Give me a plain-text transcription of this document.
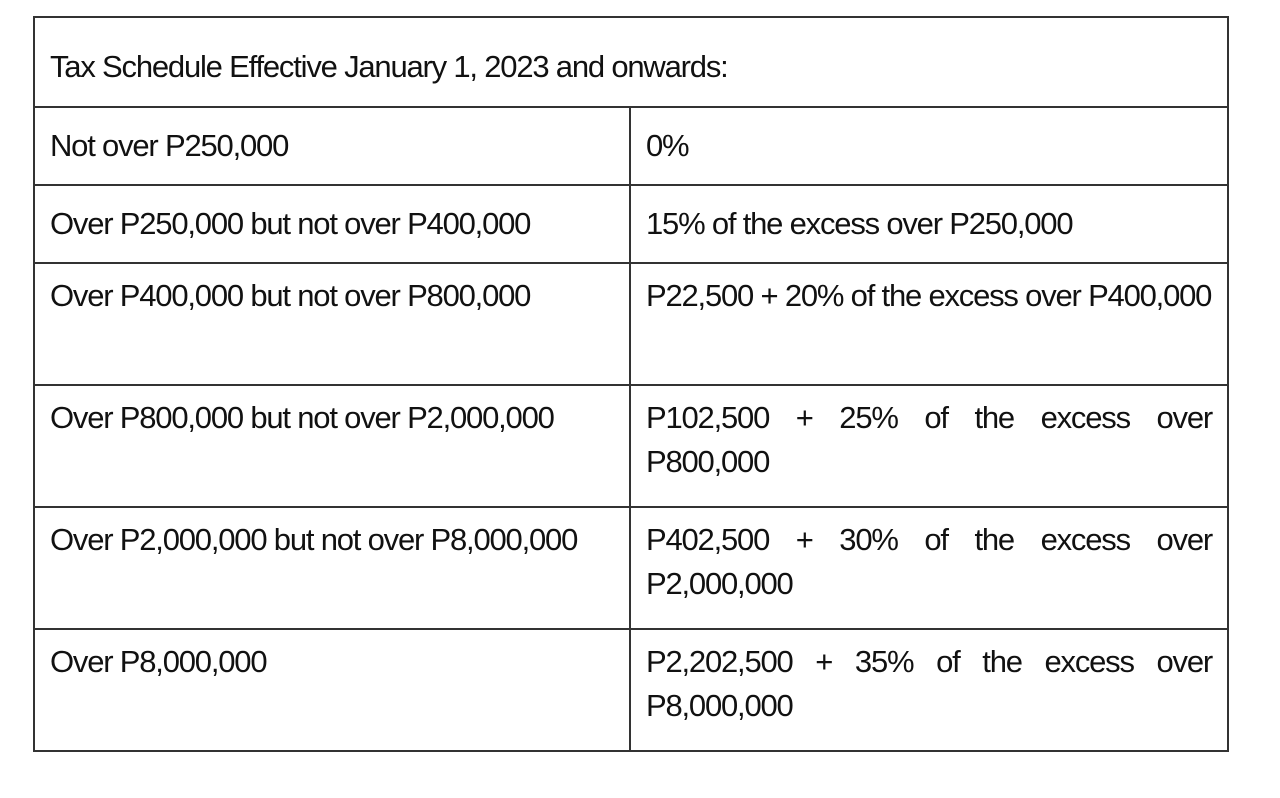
Tax Schedule Effective January 1, 2023 and onwards:	
Not over P250,000	0%
Over P250,000 but not over P400,000	15% of the excess over P250,000
Over P400,000 but not over P800,000	P22,500 + 20% of the excess over P400,000
Over P800,000 but not over P2,000,000	P102,500 + 25% of the excess over P800,000
Over P2,000,000 but not over P8,000,000	P402,500 + 30% of the excess over P2,000,000
Over P8,000,000	P2,202,500 + 35% of the excess over P8,000,000
